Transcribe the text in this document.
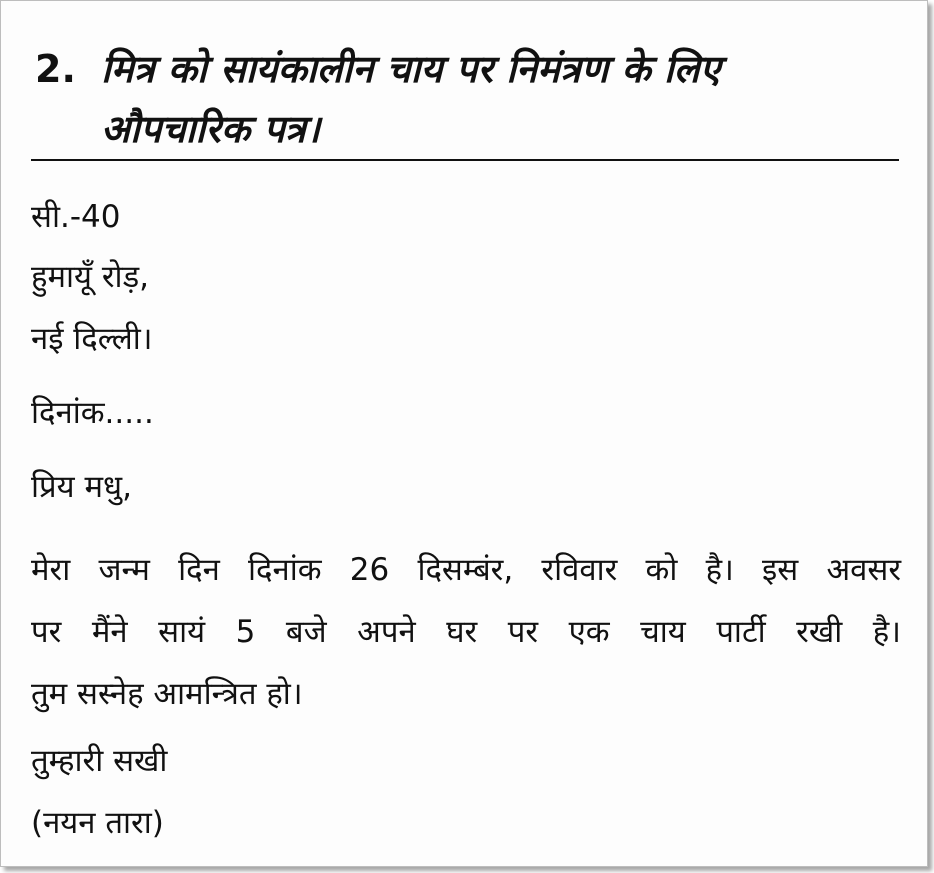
2. मित्र को सायंकालीन चाय पर निमंत्रण के लिए
औपचारिक पत्र।
सी.-40
हुमायूँ रोड़,
नई दिल्ली।
दिनांक.....
प्रिय मधु,
मेरा जन्म दिन दिनांक 26 दिसम्बंर, रविवार को है। इस अवसर
पर मैंने सायं 5 बजे अपने घर पर एक चाय पार्टी रखी है।
तुम सस्नेह आमन्त्रित हो।
तुम्हारी सखी
(नयन तारा)
